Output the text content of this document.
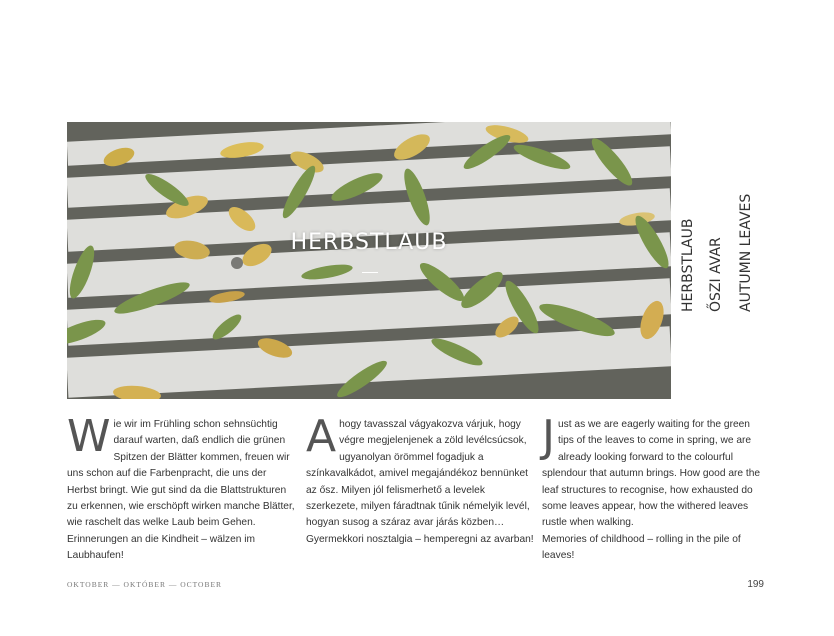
HERBSTLAUB	HERBSTLAUB ŐSZI AVAR AUTUMN LEAVES
W ie wir im Frühling schon sehnsüchtig darauf warten, daß endlich die grünen Spitzen der Blätter kommen, freuen wir uns schon auf die Farbenpracht, die uns der Herbst bringt. Wie gut sind da die Blattstrukturen zu erkennen, wie erschöpft wirken manche Blätter, wie raschelt das welke Laub beim Gehen. Erinnerungen an die Kindheit – wälzen im Laubhaufen!

A hogy tavasszal vágyakozva várjuk, hogy végre megjelenjenek a zöld levélcsúcsok, ugyanolyan örömmel fogadjuk a színkavalkádot, amivel megajándékoz bennünket az ősz. Milyen jól felismerhető a levelek szerkezete, milyen fáradtnak tűnik némelyik levél, hogyan susog a száraz avar járás közben…

Gyermekkori nosztalgia – hemperegni az avarban!

J ust as we are eagerly waiting for the green tips of the leaves to come in spring, we are already looking forward to the colourful splendour that autumn brings. How good are the leaf structures to recognise, how exhausted do some leaves appear, how the withered leaves rustle when walking.

Memories of childhood – rolling in the pile of leaves!

OKTOBER — OKTÓBER — OCTOBER	199
